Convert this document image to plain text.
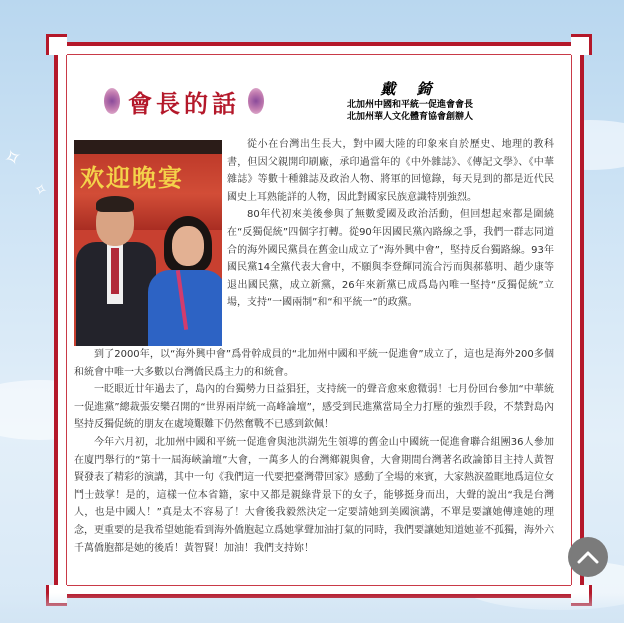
✧
✧
會長的話	戴 錡
北加州中國和平統一促進會會長
北加州華人文化體育協會創辦人
欢迎晚宴

從小在台灣出生長大，對中國大陸的印象來自於歷史、地理的教科書，但因父親開印刷廠，承印過當年的《中外雜誌》、《傳記文學》、《中華雜誌》等數十種雜誌及政治人物、將軍的回憶錄，每天見到的都是近代民國史上耳熟能詳的人物，因此對國家民族意識特別強烈。

80年代初來美後參與了無數愛國及政治活動，但回想起來都是圍繞在“反獨促統”四個字打轉。從90年因國民黨內路線之爭，我們一群志同道合的海外國民黨員在舊金山成立了“海外興中會”，堅持反台獨路線。93年國民黨14全黨代表大會中，不願與李登輝同流合污而與郝慕明、趙少康等退出國民黨，成立新黨，26年來新黨已成爲島內唯一堅持“反獨促統”立場，支持“一國兩制”和“和平統一”的政黨。

到了2000年，以“海外興中會”爲骨幹成員的“北加州中國和平統一促進會”成立了，這也是海外200多個和統會中唯一大多數以台灣僑民爲主力的和統會。

一眨眼近廿年過去了，島內的台獨勢力日益猖狂，支持統一的聲音愈來愈微弱！七月份回台參加“中華統一促進黨”總裁張安樂召開的“世界兩岸統一高峰論壇”，感受到民進黨當局全力打壓的強烈手段，不禁對島內堅持反獨促統的朋友在處境艱難下仍然奮戰不已感到欽佩！

今年六月初，北加州中國和平統一促進會與池洪湖先生領導的舊金山中國統一促進會聯合組團36人參加在廈門舉行的“第十一屆海峽論壇”大會，一萬多人的台灣鄉親與會，大會期間台灣著名政論節目主持人黃智賢發表了精彩的演講，其中一句《我們這一代要把臺灣帶回家》感動了全場的來賓，大家熱淚盈眶地爲這位女鬥士鼓掌！是的，這樣一位本省籍，家中又都是親綠背景下的女子，能够挺身而出，大聲的說出“我是台灣人，也是中國人！”真是太不容易了！大會後我毅然決定一定要請她到美國演講，不單是要讓她傳達她的理念，更重要的是我希望她能看到海外僑胞起立爲她掌聲加油打氣的同時，我們要讓她知道她並不孤獨，海外六千萬僑胞都是她的後盾！黃智賢！加油！我們支持妳！
